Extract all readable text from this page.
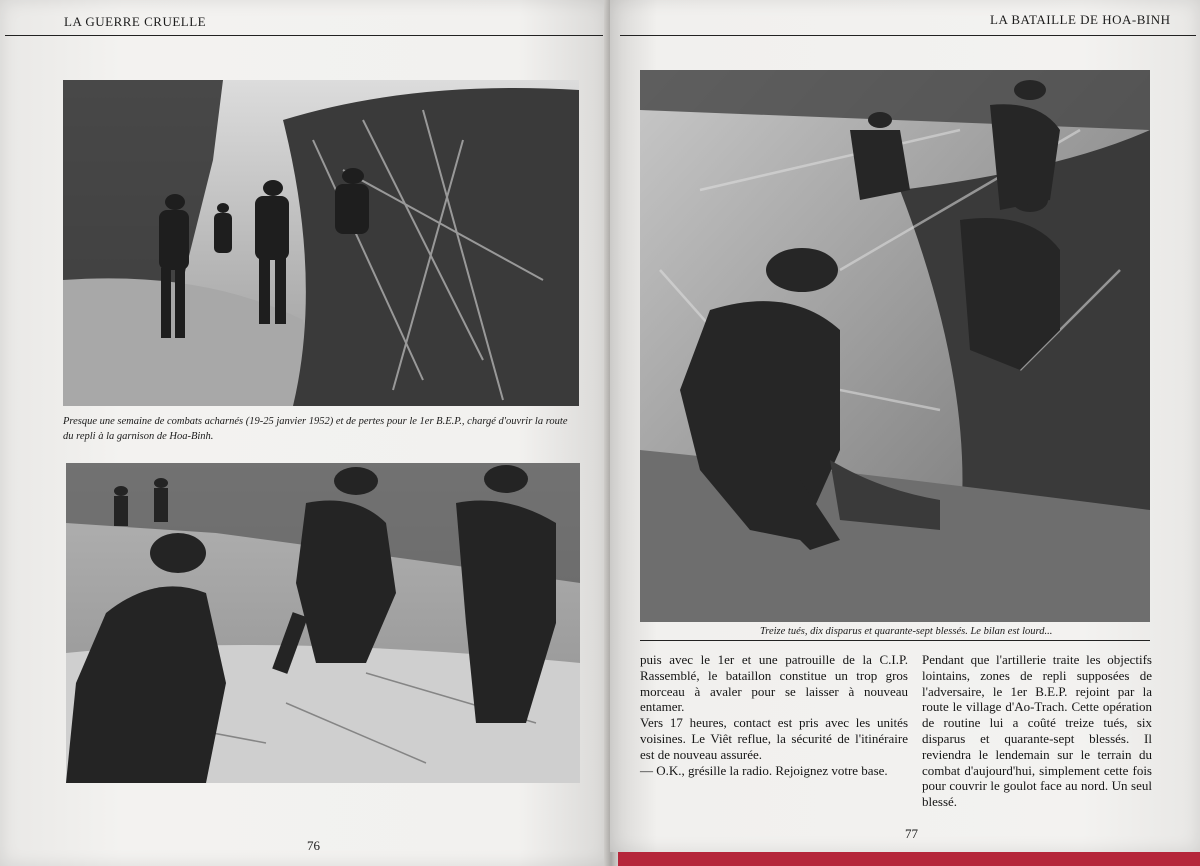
LA GUERRE CRUELLE
Presque une semaine de combats acharnés (19-25 janvier 1952) et de pertes pour le 1er B.E.P., chargé d'ouvrir la route du repli à la garnison de Hoa-Binh.
76
LA BATAILLE DE HOA-BINH
Treize tués, dix disparus et quarante-sept blessés. Le bilan est lourd...
puis avec le 1er et une patrouille de la C.I.P. Rassemblé, le bataillon constitue un trop gros morceau à avaler pour se laisser à nouveau entamer.
Vers 17 heures, contact est pris avec les unités voisines. Le Viêt reflue, la sécurité de l'itinéraire est de nouveau assurée.
— O.K., grésille la radio. Rejoignez votre base.
Pendant que l'artillerie traite les objectifs lointains, zones de repli supposées de l'adversaire, le 1er B.E.P. rejoint par la route le village d'Ao-Trach. Cette opération de routine lui a coûté treize tués, six disparus et quarante-sept blessés. Il reviendra le lendemain sur le terrain du combat d'aujourd'hui, simplement cette fois pour couvrir le goulot face au nord. Un seul blessé.
77
